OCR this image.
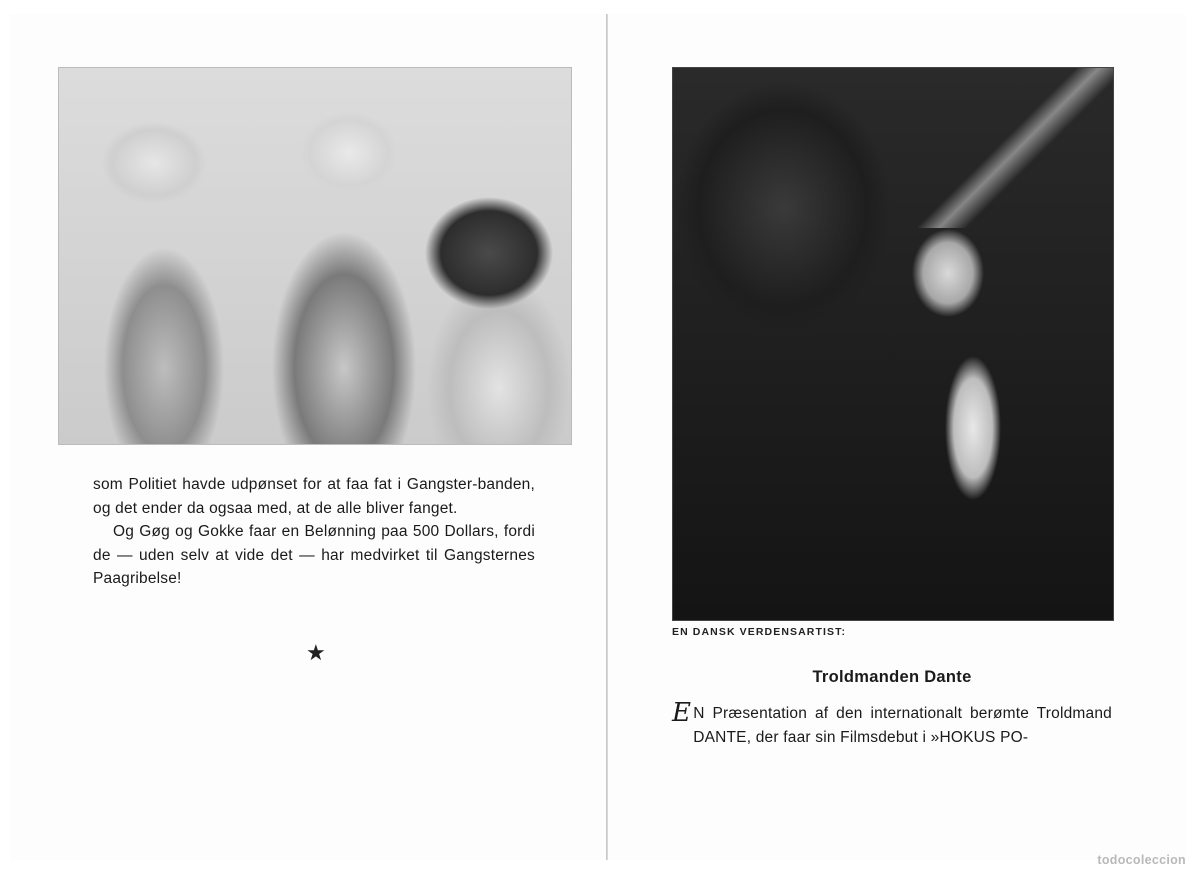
som Politiet havde udpønset for at faa fat i Gangster-banden, og det ender da ogsaa med, at de alle bliver fanget.

Og Gøg og Gokke faar en Belønning paa 500 Dollars, fordi de — uden selv at vide det — har medvirket til Gangsternes Paagribelse!

★
EN DANSK VERDENSARTIST:
Troldmanden Dante

E N Præsentation af den internationalt berømte Troldmand DANTE, der faar sin Filmsdebut i »HOKUS PO-

todocoleccion
